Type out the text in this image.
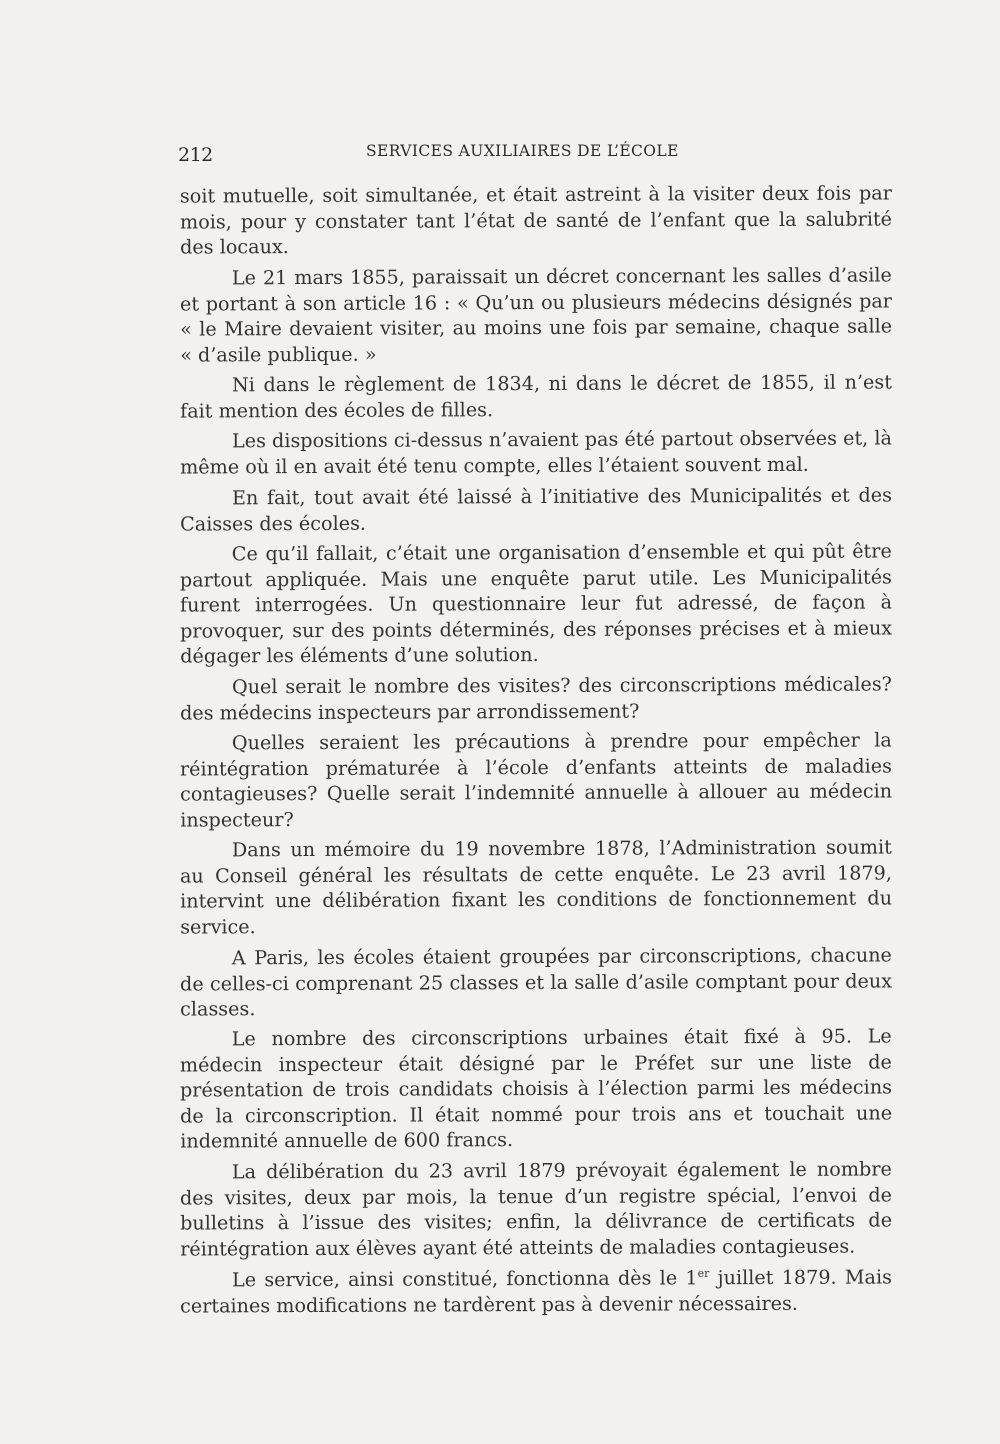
212	SERVICES AUXILIAIRES DE L’ÉCOLE

soit mutuelle, soit simultanée, et était astreint à la visiter deux fois par mois, pour y constater tant l’état de santé de l’enfant que la salubrité des locaux.

Le 21 mars 1855, paraissait un décret concernant les salles d’asile et portant à son article 16 : « Qu’un ou plusieurs médecins désignés par « le Maire devaient visiter, au moins une fois par semaine, chaque salle « d’asile publique. »

Ni dans le règlement de 1834, ni dans le décret de 1855, il n’est fait mention des écoles de filles.

Les dispositions ci-dessus n’avaient pas été partout observées et, là même où il en avait été tenu compte, elles l’étaient souvent mal.

En fait, tout avait été laissé à l’initiative des Municipalités et des Caisses des écoles.

Ce qu’il fallait, c’était une organisation d’ensemble et qui pût être partout appliquée. Mais une enquête parut utile. Les Municipalités furent interrogées. Un questionnaire leur fut adressé, de façon à provoquer, sur des points déterminés, des réponses précises et à mieux dégager les éléments d’une solution.

Quel serait le nombre des visites? des circonscriptions médicales? des médecins inspecteurs par arrondissement?

Quelles seraient les précautions à prendre pour empêcher la réintégration prématurée à l’école d’enfants atteints de maladies contagieuses? Quelle serait l’indemnité annuelle à allouer au médecin inspecteur?

Dans un mémoire du 19 novembre 1878, l’Administration soumit au Conseil général les résultats de cette enquête. Le 23 avril 1879, intervint une délibération fixant les conditions de fonctionnement du service.

A Paris, les écoles étaient groupées par circonscriptions, chacune de celles-ci comprenant 25 classes et la salle d’asile comptant pour deux classes.

Le nombre des circonscriptions urbaines était fixé à 95. Le médecin inspecteur était désigné par le Préfet sur une liste de présentation de trois candidats choisis à l’élection parmi les médecins de la circonscription. Il était nommé pour trois ans et touchait une indemnité annuelle de 600 francs.

La délibération du 23 avril 1879 prévoyait également le nombre des visites, deux par mois, la tenue d’un registre spécial, l’envoi de bulletins à l’issue des visites; enfin, la délivrance de certificats de réintégration aux élèves ayant été atteints de maladies contagieuses.

Le service, ainsi constitué, fonctionna dès le 1er juillet 1879. Mais certaines modifications ne tardèrent pas à devenir nécessaires.
